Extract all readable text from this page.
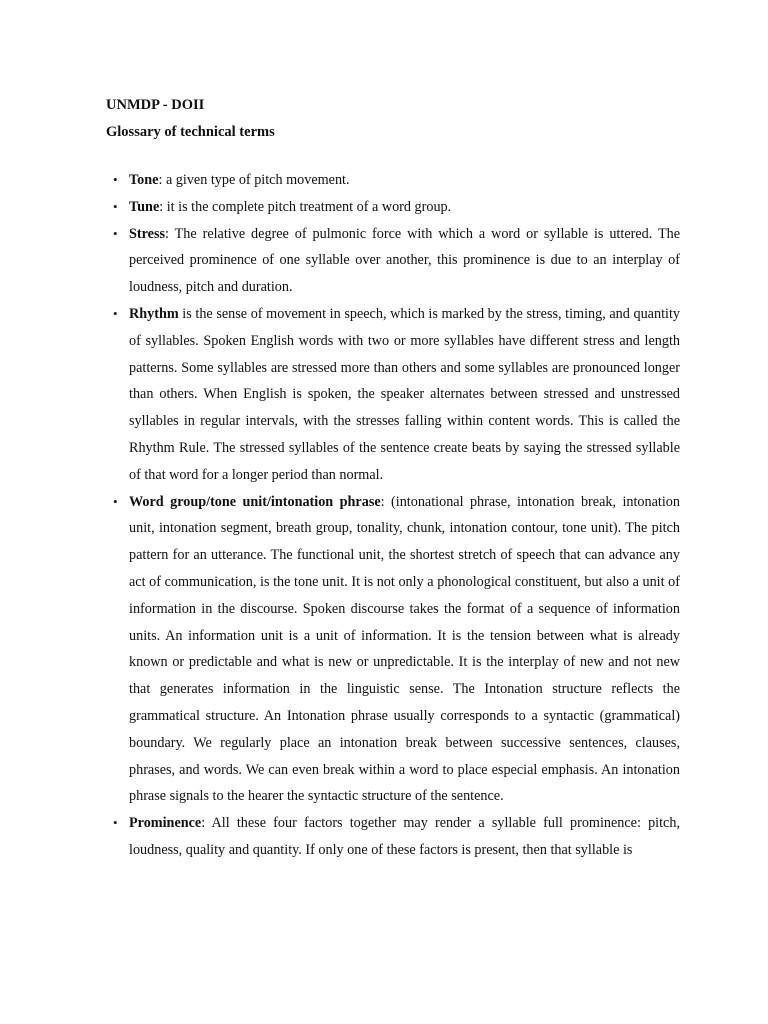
UNMDP - DOII

Glossary of technical terms

• Tone: a given type of pitch movement.
• Tune: it is the complete pitch treatment of a word group.
• Stress: The relative degree of pulmonic force with which a word or syllable is uttered. The perceived prominence of one syllable over another, this prominence is due to an interplay of loudness, pitch and duration.
• Rhythm is the sense of movement in speech, which is marked by the stress, timing, and quantity of syllables. Spoken English words with two or more syllables have different stress and length patterns. Some syllables are stressed more than others and some syllables are pronounced longer than others. When English is spoken, the speaker alternates between stressed and unstressed syllables in regular intervals, with the stresses falling within content words. This is called the Rhythm Rule. The stressed syllables of the sentence create beats by saying the stressed syllable of that word for a longer period than normal.
• Word group/tone unit/intonation phrase: (intonational phrase, intonation break, intonation unit, intonation segment, breath group, tonality, chunk, intonation contour, tone unit). The pitch pattern for an utterance. The functional unit, the shortest stretch of speech that can advance any act of communication, is the tone unit. It is not only a phonological constituent, but also a unit of information in the discourse. Spoken discourse takes the format of a sequence of information units. An information unit is a unit of information. It is the tension between what is already known or predictable and what is new or unpredictable. It is the interplay of new and not new that generates information in the linguistic sense. The Intonation structure reflects the grammatical structure. An Intonation phrase usually corresponds to a syntactic (grammatical) boundary. We regularly place an intonation break between successive sentences, clauses, phrases, and words. We can even break within a word to place especial emphasis. An intonation phrase signals to the hearer the syntactic structure of the sentence.
• Prominence: All these four factors together may render a syllable full prominence: pitch, loudness, quality and quantity. If only one of these factors is present, then that syllable is
